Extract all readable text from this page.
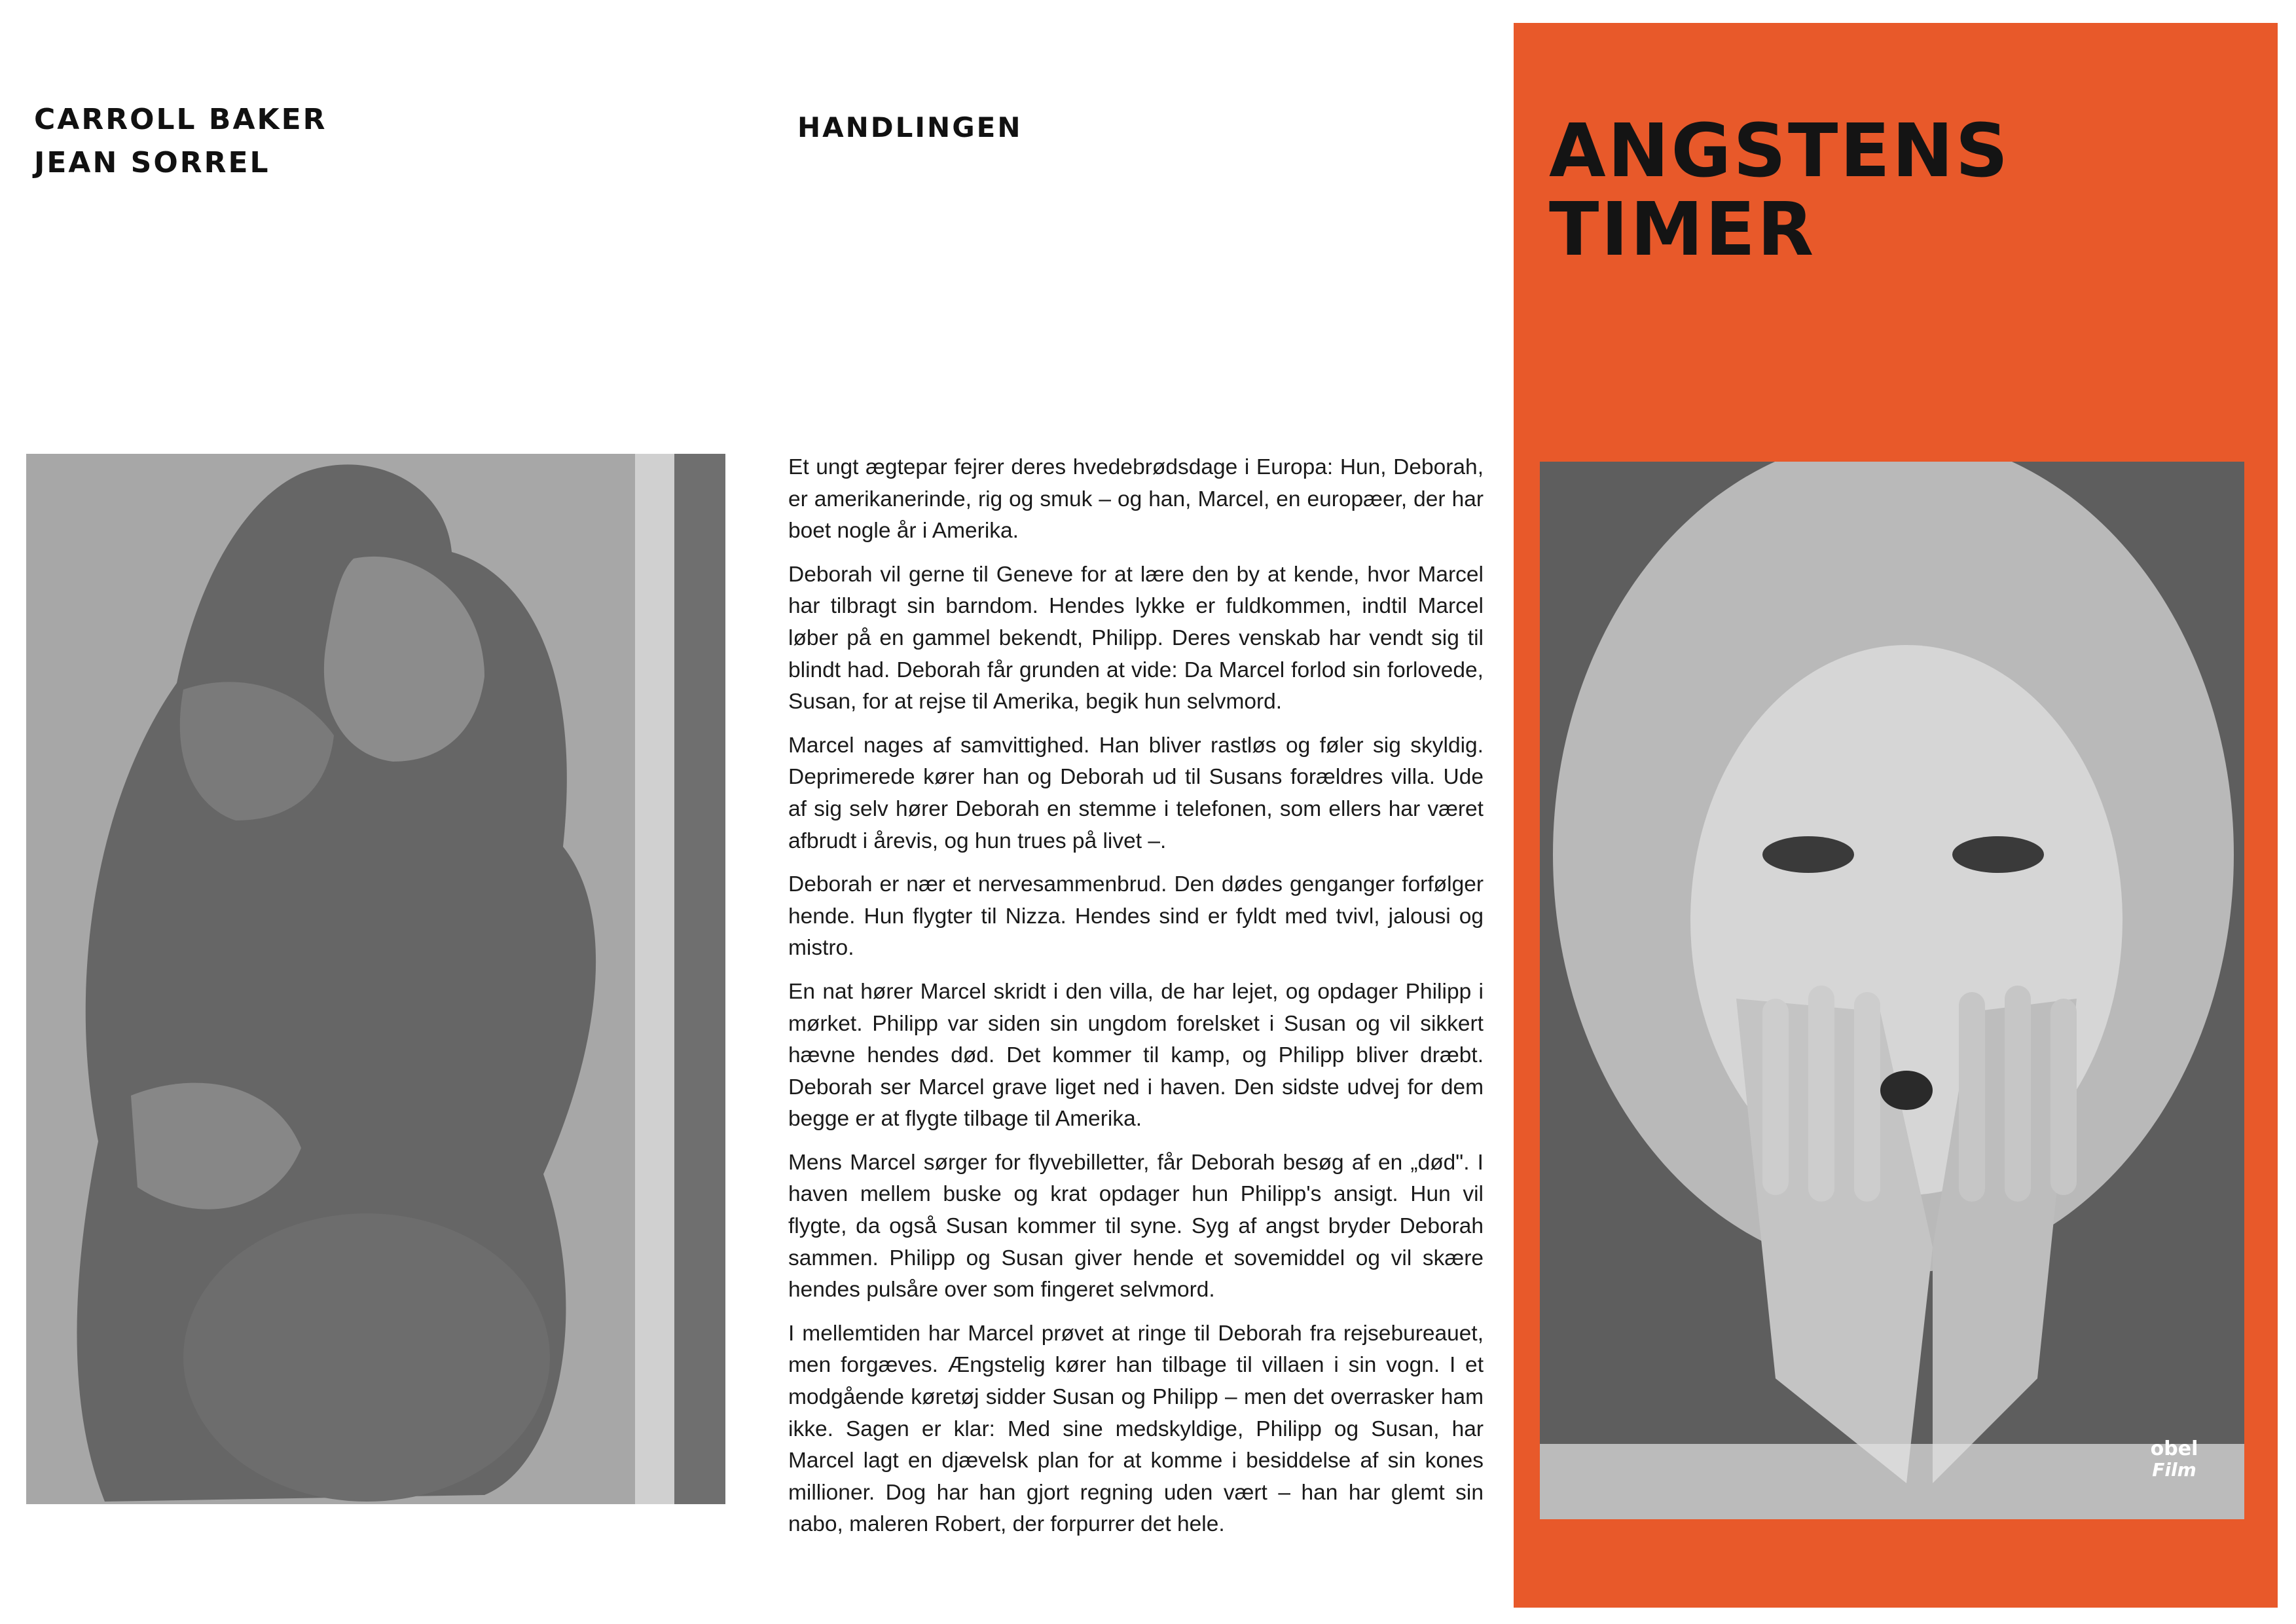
CARROLL BAKER
JEAN SORREL
HANDLINGEN

Et ungt ægtepar fejrer deres hvedebrødsdage i Europa: Hun, Deborah, er amerikanerinde, rig og smuk – og han, Marcel, en europæer, der har boet nogle år i Amerika.

Deborah vil gerne til Geneve for at lære den by at kende, hvor Marcel har tilbragt sin barndom. Hendes lykke er fuldkommen, indtil Marcel løber på en gammel bekendt, Philipp. Deres venskab har vendt sig til blindt had. Deborah får grunden at vide: Da Marcel forlod sin forlovede, Susan, for at rejse til Amerika, begik hun selvmord.

Marcel nages af samvittighed. Han bliver rastløs og føler sig skyldig. Deprimerede kører han og Deborah ud til Susans forældres villa. Ude af sig selv hører Deborah en stemme i telefonen, som ellers har været afbrudt i årevis, og hun trues på livet –.

Deborah er nær et nervesammenbrud. Den dødes genganger forfølger hende. Hun flygter til Nizza. Hendes sind er fyldt med tvivl, jalousi og mistro.

En nat hører Marcel skridt i den villa, de har lejet, og opdager Philipp i mørket. Philipp var siden sin ungdom forelsket i Susan og vil sikkert hævne hendes død. Det kommer til kamp, og Philipp bliver dræbt. Deborah ser Marcel grave liget ned i haven. Den sidste udvej for dem begge er at flygte tilbage til Amerika.

Mens Marcel sørger for flyvebilletter, får Deborah besøg af en „død". I haven mellem buske og krat opdager hun Philipp's ansigt. Hun vil flygte, da også Susan kommer til syne. Syg af angst bryder Deborah sammen. Philipp og Susan giver hende et sovemiddel og vil skære hendes pulsåre over som fingeret selvmord.

I mellemtiden har Marcel prøvet at ringe til Deborah fra rejsebureauet, men forgæves. Ængstelig kører han tilbage til villaen i sin vogn. I et modgående køretøj sidder Susan og Philipp – men det overrasker ham ikke. Sagen er klar: Med sine medskyldige, Philipp og Susan, har Marcel lagt en djævelsk plan for at komme i besiddelse af sin kones millioner. Dog har han gjort regning uden vært – han har glemt sin nabo, maleren Robert, der forpurrer det hele.

ANGSTENS
TIMER
obel
Film
